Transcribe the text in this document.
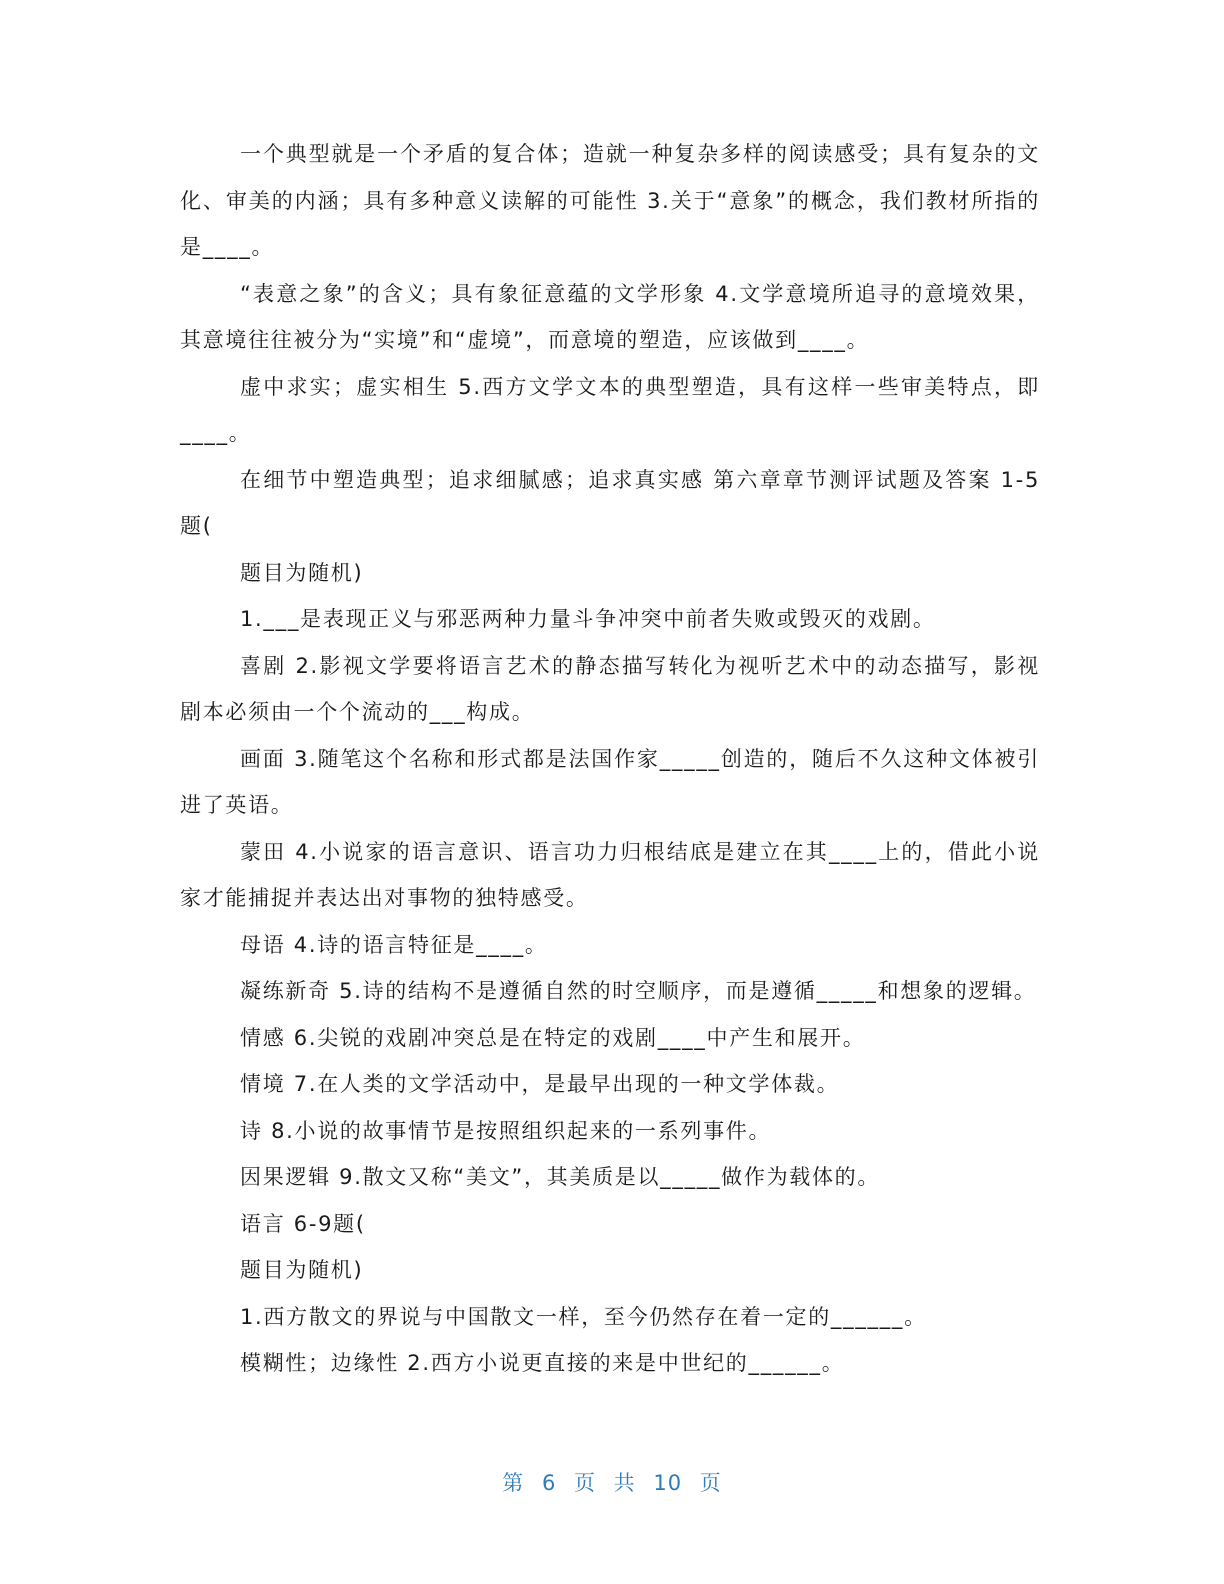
一个典型就是一个矛盾的复合体；造就一种复杂多样的阅读感受；具有复杂的文化、审美的内涵；具有多种意义读解的可能性 3.关于“意象”的概念，我们教材所指的是____。

“表意之象”的含义；具有象征意蕴的文学形象 4.文学意境所追寻的意境效果，其意境往往被分为“实境”和“虚境”，而意境的塑造，应该做到____。

虚中求实；虚实相生 5.西方文学文本的典型塑造，具有这样一些审美特点，即____。

在细节中塑造典型；追求细腻感；追求真实感 第六章章节测评试题及答案 1-5题(

题目为随机)

1.___是表现正义与邪恶两种力量斗争冲突中前者失败或毁灭的戏剧。

喜剧 2.影视文学要将语言艺术的静态描写转化为视听艺术中的动态描写，影视剧本必须由一个个流动的___构成。

画面 3.随笔这个名称和形式都是法国作家_____创造的，随后不久这种文体被引进了英语。

蒙田 4.小说家的语言意识、语言功力归根结底是建立在其____上的，借此小说家才能捕捉并表达出对事物的独特感受。

母语 4.诗的语言特征是____。

凝练新奇 5.诗的结构不是遵循自然的时空顺序，而是遵循_____和想象的逻辑。

情感 6.尖锐的戏剧冲突总是在特定的戏剧____中产生和展开。

情境 7.在人类的文学活动中，是最早出现的一种文学体裁。

诗 8.小说的故事情节是按照组织起来的一系列事件。

因果逻辑 9.散文又称“美文”，其美质是以_____做作为载体的。

语言 6-9题(

题目为随机)

1.西方散文的界说与中国散文一样，至今仍然存在着一定的______。

模糊性；边缘性 2.西方小说更直接的来是中世纪的______。

第 6 页 共 10 页
